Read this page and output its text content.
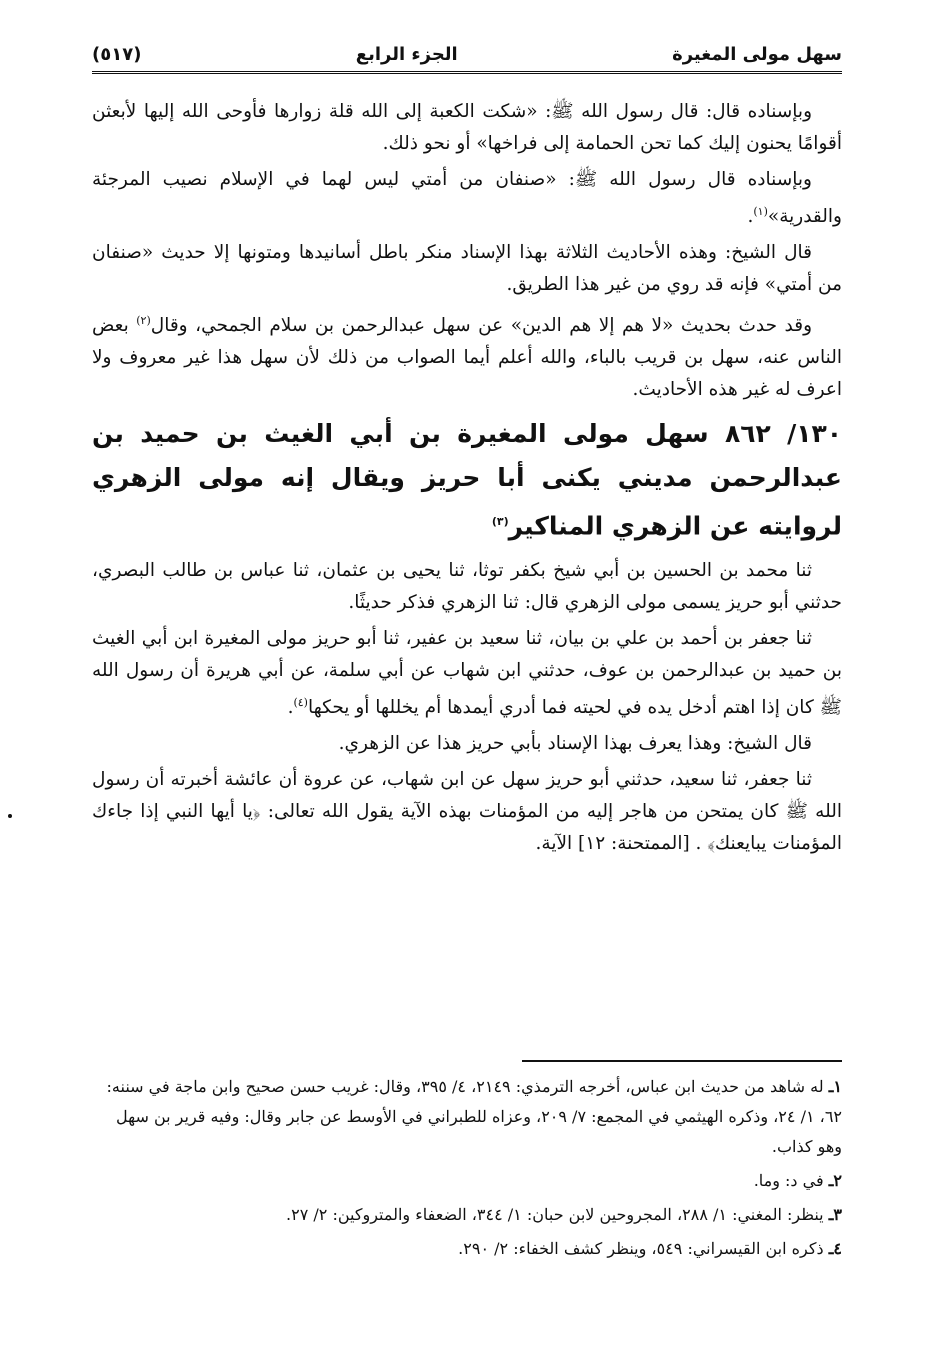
سهل مولى المغيرة
الجزء الرابع
(٥١٧)

وبإسناده قال: قال رسول الله ﷺ: «شكت الكعبة إلى الله قلة زوارها فأوحى الله إليها لأبعثن أقوامًا يحنون إليك كما تحن الحمامة إلى فراخها» أو نحو ذلك.

وبإسناده قال رسول الله ﷺ: «صنفان من أمتي ليس لهما في الإسلام نصيب المرجئة والقدرية»$^{(١)}$.

قال الشيخ: وهذه الأحاديث الثلاثة بهذا الإسناد منكر باطل أسانيدها ومتونها إلا حديث «صنفان من أمتي» فإنه قد روي من غير هذا الطريق.

وقد حدث بحديث «لا هم إلا هم الدين» عن سهل عبدالرحمن بن سلام الجمحي، وقال$^{(٢)}$ بعض الناس عنه، سهل بن قريب بالباء، والله أعلم أيما الصواب من ذلك لأن سهل هذا غير معروف ولا اعرف له غير هذه الأحاديث.

١٣٠/ ٨٦٢ سهل مولى المغيرة بن أبي الغيث بن حميد بن عبدالرحمن مديني يكنى أبا حريز ويقال إنه مولى الزهري لروايته عن الزهري المناكير$^{(٣)}$

ثنا محمد بن الحسين بن أبي شيخ بكفر توثا، ثنا يحيى بن عثمان، ثنا عباس بن طالب البصري، حدثني أبو حريز يسمى مولى الزهري قال: ثنا الزهري فذكر حديثًا.

ثنا جعفر بن أحمد بن علي بن بيان، ثنا سعيد بن عفير، ثنا أبو حريز مولى المغيرة ابن أبي الغيث بن حميد بن عبدالرحمن بن عوف، حدثني ابن شهاب عن أبي سلمة، عن أبي هريرة أن رسول الله ﷺ كان إذا اهتم أدخل يده في لحيته فما أدري أيمدها أم يخللها أو يحكها$^{(٤)}$.

قال الشيخ: وهذا يعرف بهذا الإسناد بأبي حريز هذا عن الزهري.

ثنا جعفر، ثنا سعيد، حدثني أبو حريز سهل عن ابن شهاب، عن عروة أن عائشة أخبرته أن رسول الله ﷺ كان يمتحن من هاجر إليه من المؤمنات بهذه الآية يقول الله تعالى: ﴿يا أيها النبي إذا جاءك المؤمنات يبايعنك﴾ . [الممتحنة: ١٢] الآية.

١ـ له شاهد من حديث ابن عباس، أخرجه الترمذي: ٢١٤٩، ٤/ ٣٩٥، وقال: غريب حسن صحيح وابن ماجة في سننه: ٦٢، ١/ ٢٤، وذكره الهيثمي في المجمع: ٧/ ٢٠٩، وعزاه للطبراني في الأوسط عن جابر وقال: وفيه قرير بن سهل وهو كذاب.

٢ـ في د: وما.

٣ـ ينظر: المغني: ١/ ٢٨٨، المجروحين لابن حبان: ١/ ٣٤٤، الضعفاء والمتروكين: ٢/ ٢٧.

٤ـ ذكره ابن القيسراني: ٥٤٩، وينظر كشف الخفاء: ٢/ ٢٩٠.
